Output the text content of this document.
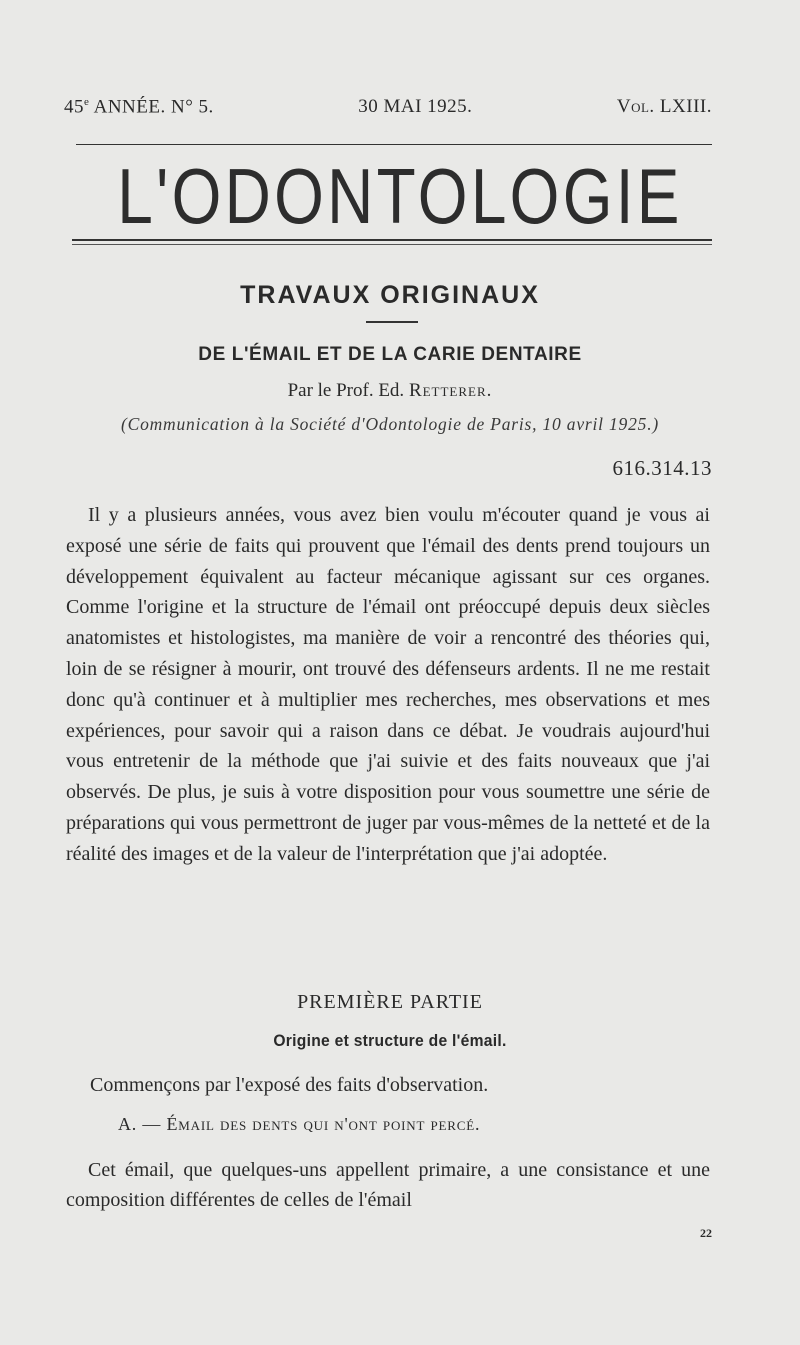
45e ANNÉE. N° 5.	30 MAI 1925.	Vol. LXIII.
L'ODONTOLOGIE
TRAVAUX ORIGINAUX
DE L'ÉMAIL ET DE LA CARIE DENTAIRE
Par le Prof. Ed. Retterer.
(Communication à la Société d'Odontologie de Paris, 10 avril 1925.)
616.314.13

Il y a plusieurs années, vous avez bien voulu m'écouter quand je vous ai exposé une série de faits qui prouvent que l'émail des dents prend toujours un développement équivalent au facteur mécanique agissant sur ces organes. Comme l'origine et la structure de l'émail ont préoccupé depuis deux siècles anatomistes et histologistes, ma manière de voir a rencontré des théories qui, loin de se résigner à mourir, ont trouvé des défenseurs ardents. Il ne me restait donc qu'à continuer et à multiplier mes recherches, mes observations et mes expériences, pour savoir qui a raison dans ce débat. Je voudrais aujourd'hui vous entretenir de la méthode que j'ai suivie et des faits nouveaux que j'ai observés. De plus, je suis à votre disposition pour vous soumettre une série de préparations qui vous permettront de juger par vous-mêmes de la netteté et de la réalité des images et de la valeur de l'interprétation que j'ai adoptée.

PREMIÈRE PARTIE
Origine et structure de l'émail.
Commençons par l'exposé des faits d'observation.
A. — Émail des dents qui n'ont point percé.

Cet émail, que quelques-uns appellent primaire, a une consistance et une composition différentes de celles de l'émail

22
